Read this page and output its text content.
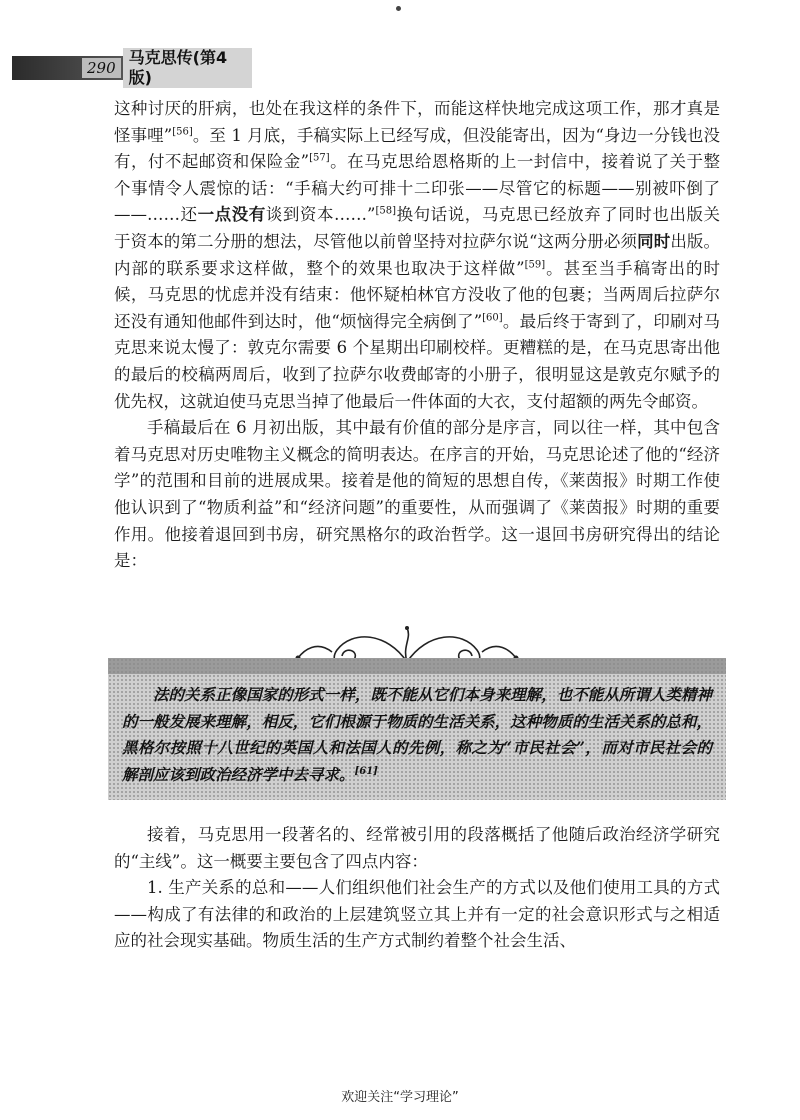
290
马克思传(第4版)

这种讨厌的肝病，也处在我这样的条件下，而能这样快地完成这项工作，那才真是怪事哩”[56]。至 1 月底，手稿实际上已经写成，但没能寄出，因为“身边一分钱也没有，付不起邮资和保险金”[57]。在马克思给恩格斯的上一封信中，接着说了关于整个事情令人震惊的话：“手稿大约可排十二印张——尽管它的标题——别被吓倒了——……还一点没有谈到资本……”[58]换句话说，马克思已经放弃了同时也出版关于资本的第二分册的想法，尽管他以前曾坚持对拉萨尔说“这两分册必须同时出版。内部的联系要求这样做，整个的效果也取决于这样做”[59]。甚至当手稿寄出的时候，马克思的忧虑并没有结束：他怀疑柏林官方没收了他的包裹；当两周后拉萨尔还没有通知他邮件到达时，他“烦恼得完全病倒了”[60]。最后终于寄到了，印刷对马克思来说太慢了：敦克尔需要 6 个星期出印刷校样。更糟糕的是，在马克思寄出他的最后的校稿两周后，收到了拉萨尔收费邮寄的小册子，很明显这是敦克尔赋予的优先权，这就迫使马克思当掉了他最后一件体面的大衣，支付超额的两先令邮资。

手稿最后在 6 月初出版，其中最有价值的部分是序言，同以往一样，其中包含着马克思对历史唯物主义概念的简明表达。在序言的开始，马克思论述了他的“经济学”的范围和目前的进展成果。接着是他的简短的思想自传，《莱茵报》时期工作使他认识到了“物质利益”和“经济问题”的重要性，从而强调了《莱茵报》时期的重要作用。他接着退回到书房，研究黑格尔的政治哲学。这一退回书房研究得出的结论是：

法的关系正像国家的形式一样，既不能从它们本身来理解，也不能从所谓人类精神的一般发展来理解，相反，它们根源于物质的生活关系，这种物质的生活关系的总和，黑格尔按照十八世纪的英国人和法国人的先例，称之为“市民社会”，而对市民社会的解剖应该到政治经济学中去寻求。[61]

接着，马克思用一段著名的、经常被引用的段落概括了他随后政治经济学研究的“主线”。这一概要主要包含了四点内容：

1. 生产关系的总和——人们组织他们社会生产的方式以及他们使用工具的方式——构成了有法律的和政治的上层建筑竖立其上并有一定的社会意识形式与之相适应的社会现实基础。物质生活的生产方式制约着整个社会生活、

欢迎关注“学习理论”
